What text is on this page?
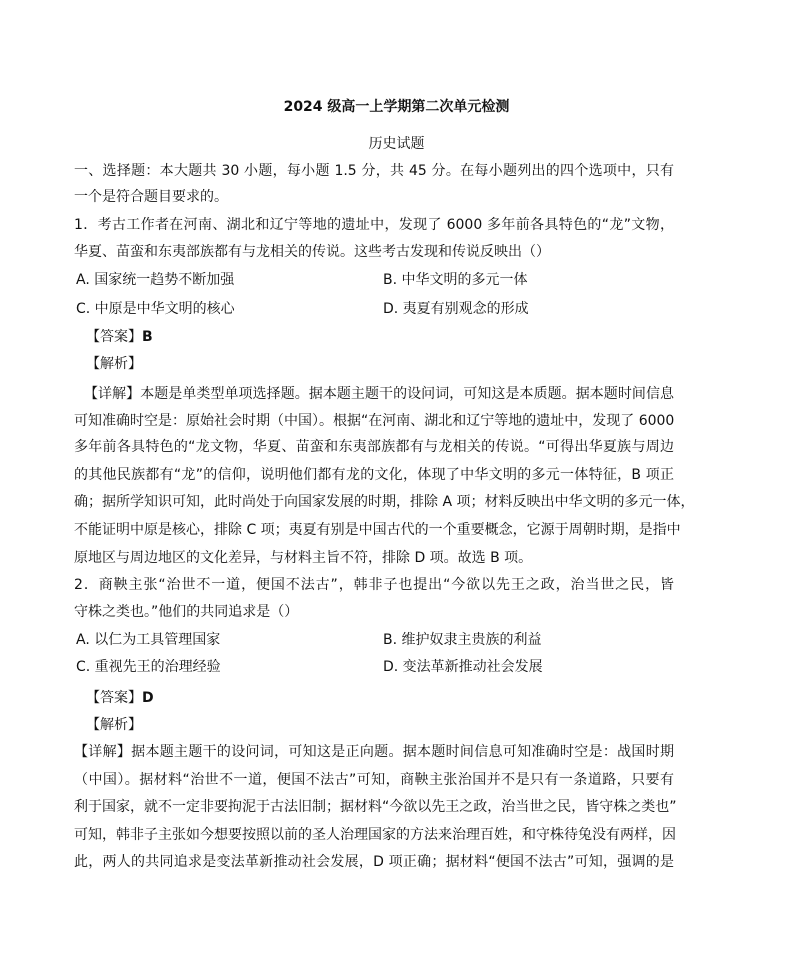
2024 级高一上学期第二次单元检测
历史试题
一、选择题：本大题共 30 小题，每小题 1.5 分，共 45 分。在每小题列出的四个选项中，只有
一个是符合题目要求的。
1．考古工作者在河南、湖北和辽宁等地的遗址中，发现了 6000 多年前各具特色的“龙”文物，
华夏、苗蛮和东夷部族都有与龙相关的传说。这些考古发现和传说反映出（）
A. 国家统一趋势不断加强	B. 中华文明的多元一体
C. 中原是中华文明的核心	D. 夷夏有别观念的形成
【答案】B
【解析】
【详解】本题是单类型单项选择题。据本题主题干的设问词，可知这是本质题。据本题时间信息
可知准确时空是：原始社会时期（中国）。根据“在河南、湖北和辽宁等地的遗址中，发现了 6000
多年前各具特色的“龙文物，华夏、苗蛮和东夷部族都有与龙相关的传说。“可得出华夏族与周边
的其他民族都有“龙”的信仰，说明他们都有龙的文化，体现了中华文明的多元一体特征，B 项正
确；据所学知识可知，此时尚处于向国家发展的时期，排除 A 项；材料反映出中华文明的多元一体，
不能证明中原是核心，排除 C 项；夷夏有别是中国古代的一个重要概念，它源于周朝时期，是指中
原地区与周边地区的文化差异，与材料主旨不符，排除 D 项。故选 B 项。
2．商鞅主张“治世不一道，便国不法古”，韩非子也提出“今欲以先王之政，治当世之民，皆
守株之类也。”他们的共同追求是（）
A. 以仁为工具管理国家	B. 维护奴隶主贵族的利益
C. 重视先王的治理经验	D. 变法革新推动社会发展
【答案】D
【解析】
【详解】据本题主题干的设问词，可知这是正向题。据本题时间信息可知准确时空是：战国时期
（中国）。据材料“治世不一道，便国不法古”可知，商鞅主张治国并不是只有一条道路，只要有
利于国家，就不一定非要拘泥于古法旧制；据材料“今欲以先王之政，治当世之民，皆守株之类也”
可知，韩非子主张如今想要按照以前的圣人治理国家的方法来治理百姓，和守株待兔没有两样，因
此，两人的共同追求是变法革新推动社会发展，D 项正确；据材料“便国不法古”可知，强调的是
